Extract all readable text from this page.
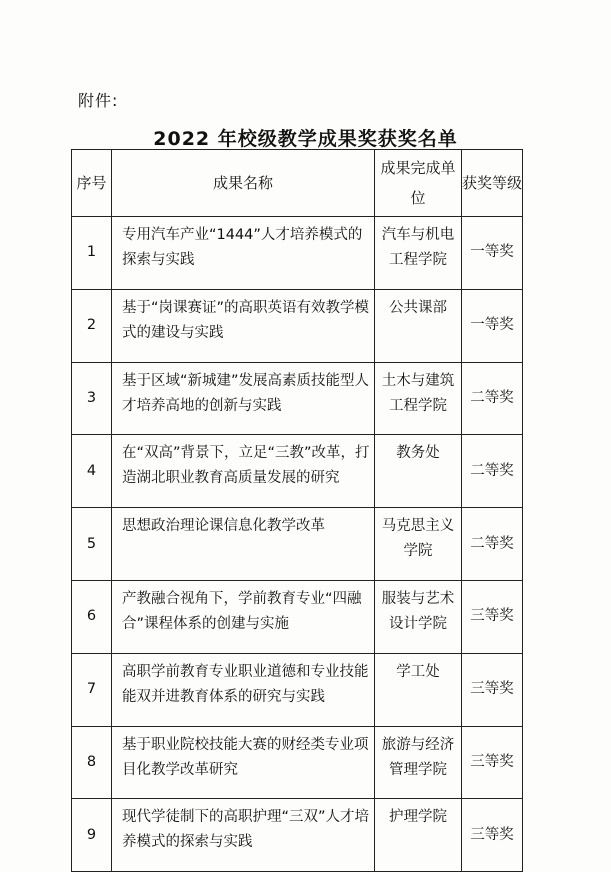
附件:
2022 年校级教学成果奖获奖名单
序号	成果名称	成果完成单位	获奖等级
1	专用汽车产业“1444”人才培养模式的探索与实践	汽车与机电工程学院	一等奖
2	基于“岗课赛证”的高职英语有效教学模式的建设与实践	公共课部	一等奖
3	基于区域“新城建”发展高素质技能型人才培养高地的创新与实践	土木与建筑工程学院	二等奖
4	在“双高”背景下，立足“三教”改革，打造湖北职业教育高质量发展的研究	教务处	二等奖
5	思想政治理论课信息化教学改革	马克思主义学院	二等奖
6	产教融合视角下，学前教育专业“四融合”课程体系的创建与实施	服装与艺术设计学院	三等奖
7	高职学前教育专业职业道德和专业技能能双并进教育体系的研究与实践	学工处	三等奖
8	基于职业院校技能大赛的财经类专业项目化教学改革研究	旅游与经济管理学院	三等奖
9	现代学徒制下的高职护理“三双”人才培养模式的探索与实践	护理学院	三等奖
